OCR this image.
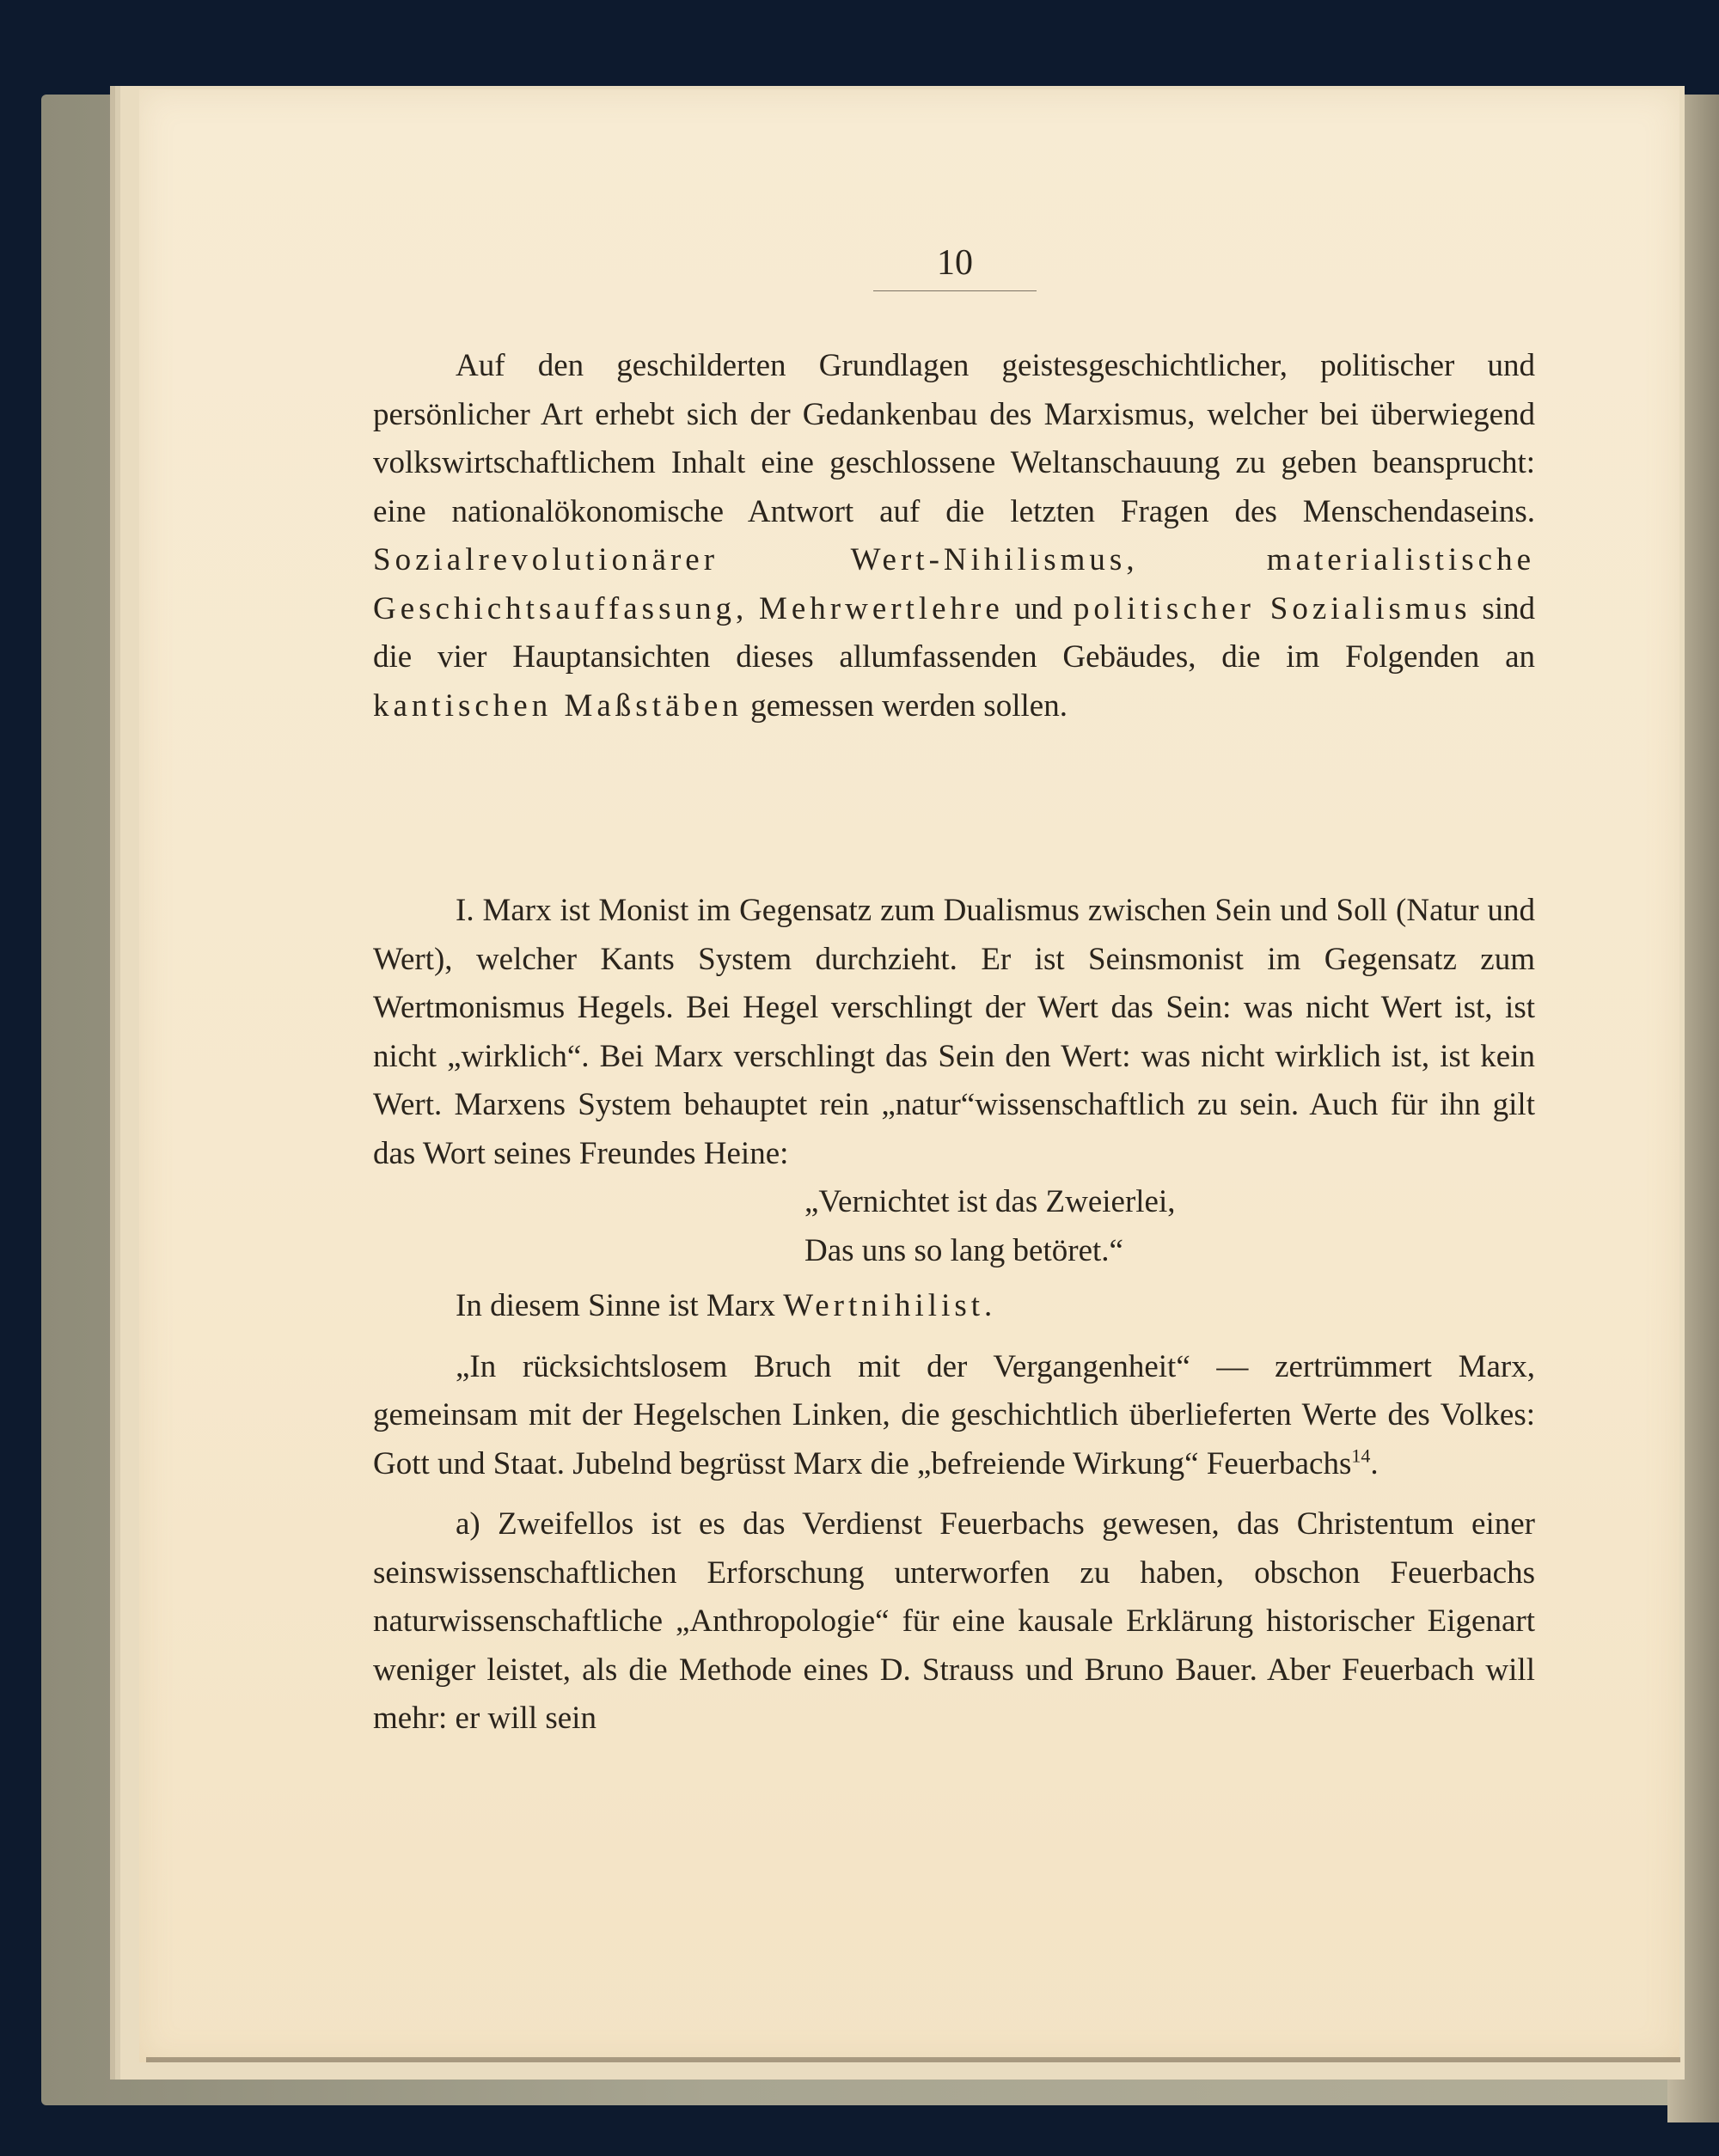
10

Auf den geschilderten Grundlagen geistesgeschichtlicher, politischer und persönlicher Art erhebt sich der Gedankenbau des Marxismus, welcher bei überwiegend volkswirtschaftlichem Inhalt eine geschlossene Weltanschauung zu geben beansprucht: eine nationalökonomische Antwort auf die letzten Fragen des Menschendaseins. Sozialrevolutionärer Wert-Nihilismus,	materialistische Geschichtsauffassung, Mehrwertlehre und politischer Sozialismus sind die vier Hauptansichten dieses allumfassenden Gebäudes, die im Folgenden an kantischen Maßstäben gemessen werden sollen.

I. Marx ist Monist im Gegensatz zum Dualismus zwischen Sein und Soll (Natur und Wert), welcher Kants System durchzieht. Er ist Seinsmonist im Gegensatz zum Wertmonismus Hegels. Bei Hegel verschlingt der Wert das Sein: was nicht Wert ist, ist nicht „wirklich“. Bei Marx verschlingt das Sein den Wert: was nicht wirklich ist, ist kein Wert. Marxens System behauptet rein „natur“wissenschaftlich zu sein. Auch für ihn gilt das Wort seines Freundes Heine:

„Vernichtet ist das Zweierlei,

Das uns so lang betöret.“

In diesem Sinne ist Marx Wertnihilist.

„In rücksichtslosem Bruch mit der Vergangenheit“ — zertrümmert Marx, gemeinsam mit der Hegelschen Linken, die geschichtlich überlieferten Werte des Volkes: Gott und Staat. Jubelnd begrüsst Marx die „befreiende Wirkung“ Feuerbachs$^{14}$.

a) Zweifellos ist es das Verdienst Feuerbachs gewesen, das Christentum einer seinswissenschaftlichen Erforschung unterworfen zu haben, obschon Feuerbachs naturwissenschaftliche „Anthropologie“ für eine kausale Erklärung historischer Eigenart weniger leistet, als die Methode eines D. Strauss und Bruno Bauer. Aber Feuerbach will mehr: er will sein
